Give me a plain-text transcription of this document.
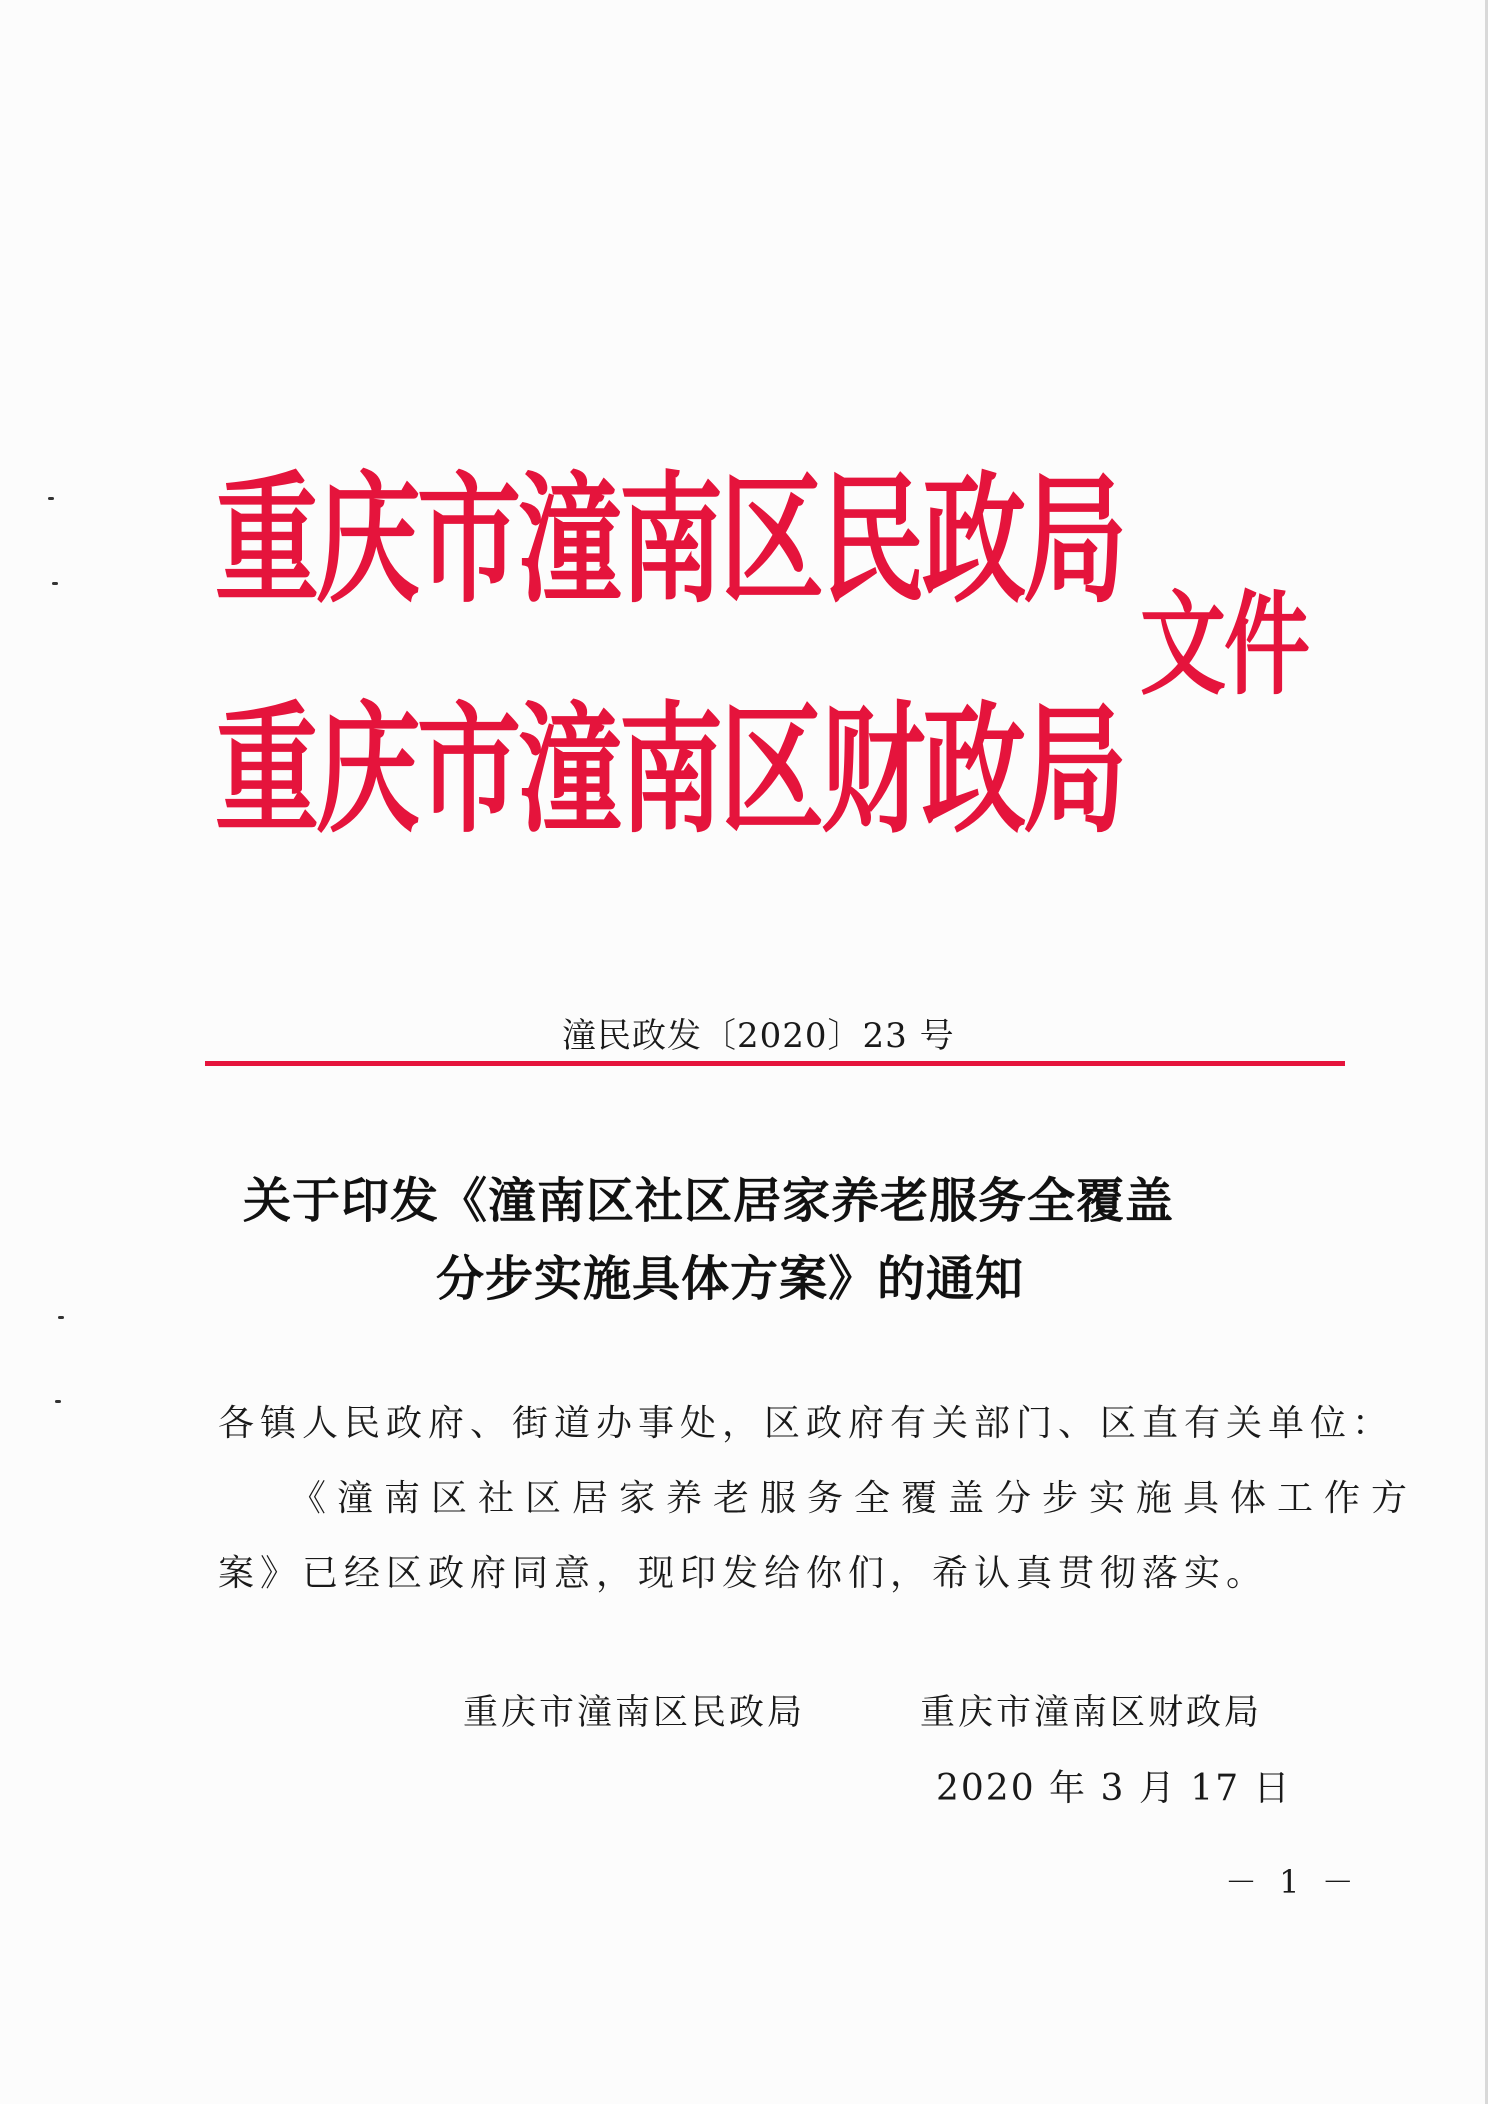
重庆市潼南区民政局
重庆市潼南区财政局
文件
潼民政发〔2020〕23 号
关于印发《潼南区社区居家养老服务全覆盖
分步实施具体方案》的通知
各镇人民政府、街道办事处，区政府有关部门、区直有关单位：
《潼南区社区居家养老服务全覆盖分步实施具体工作方
案》已经区政府同意，现印发给你们，希认真贯彻落实。
重庆市潼南区民政局	重庆市潼南区财政局
2020 年 3 月 17 日
－ 1 －
